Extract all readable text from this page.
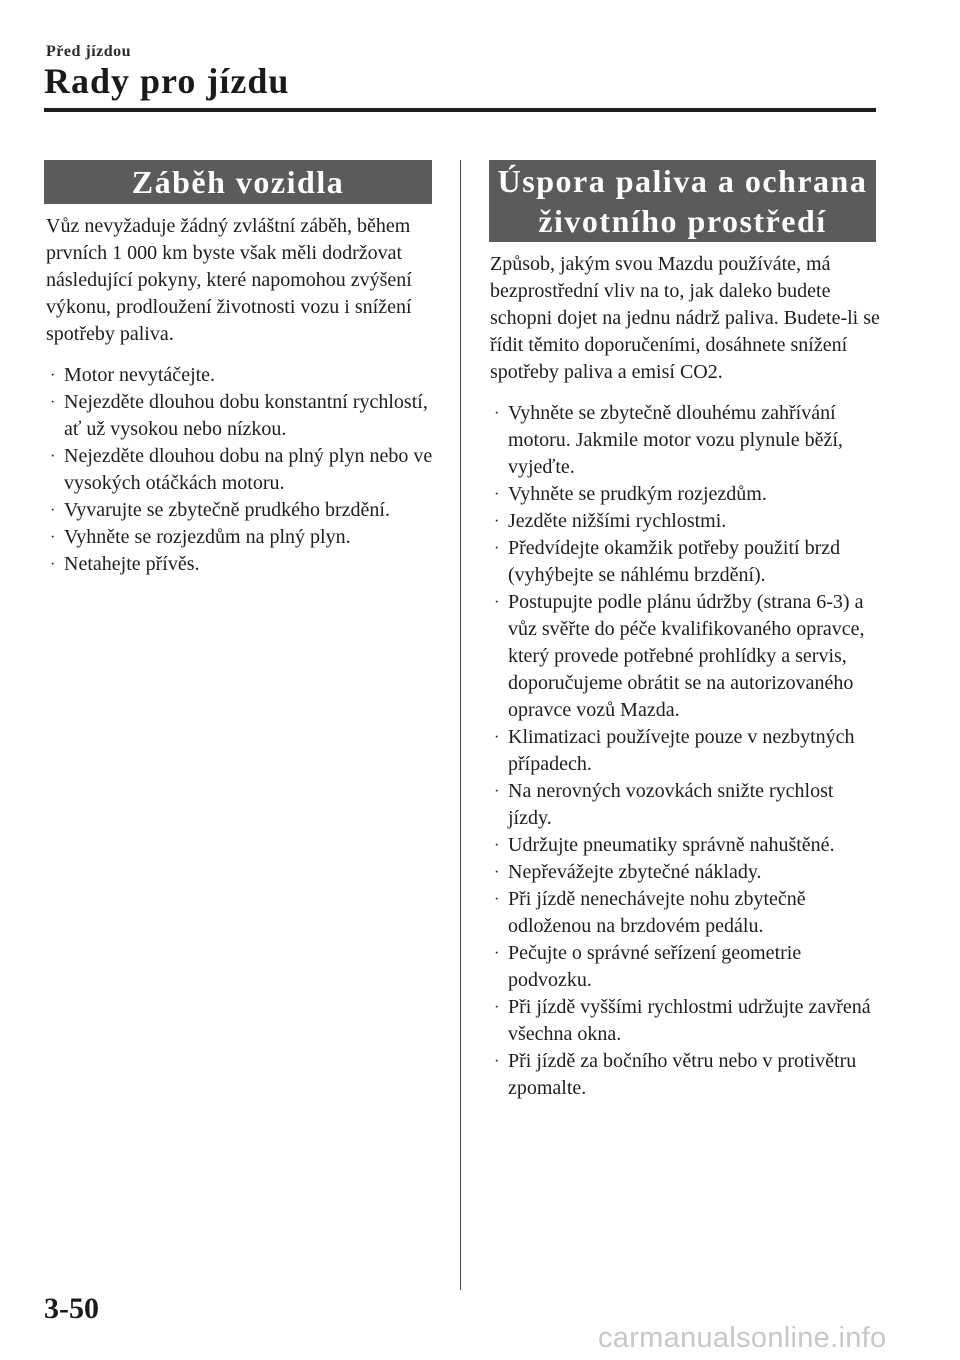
Před jízdou
Rady pro jízdu
Záběh vozidla

Vůz nevyžaduje žádný zvláštní záběh, během prvních 1 000 km byste však měli dodržovat následující pokyny, které napomohou zvýšení výkonu, prodloužení životnosti vozu i snížení spotřeby paliva.

· Motor nevytáčejte.
· Nejezděte dlouhou dobu konstantní rychlostí, ať už vysokou nebo nízkou.
· Nejezděte dlouhou dobu na plný plyn nebo ve vysokých otáčkách motoru.
· Vyvarujte se zbytečně prudkého brzdění.
· Vyhněte se rozjezdům na plný plyn.
· Netahejte přívěs.
Úspora paliva a ochrana
životního prostředí

Způsob, jakým svou Mazdu používáte, má bezprostřední vliv na to, jak daleko budete schopni dojet na jednu nádrž paliva. Budete-li se řídit těmito doporučeními, dosáhnete snížení spotřeby paliva a emisí CO2.

· Vyhněte se zbytečně dlouhému zahřívání motoru. Jakmile motor vozu plynule běží, vyjeďte.
· Vyhněte se prudkým rozjezdům.
· Jezděte nižšími rychlostmi.
· Předvídejte okamžik potřeby použití brzd (vyhýbejte se náhlému brzdění).
· Postupujte podle plánu údržby (strana 6-3) a vůz svěřte do péče kvalifikovaného opravce, který provede potřebné prohlídky a servis, doporučujeme obrátit se na autorizovaného opravce vozů Mazda.
· Klimatizaci používejte pouze v nezbytných případech.
· Na nerovných vozovkách snižte rychlost jízdy.
· Udržujte pneumatiky správně nahuštěné.
· Nepřevážejte zbytečné náklady.
· Při jízdě nenechávejte nohu zbytečně odloženou na brzdovém pedálu.
· Pečujte o správné seřízení geometrie podvozku.
· Při jízdě vyššími rychlostmi udržujte zavřená všechna okna.
· Při jízdě za bočního větru nebo v protivětru zpomalte.
3-50
carmanualsonline.info
